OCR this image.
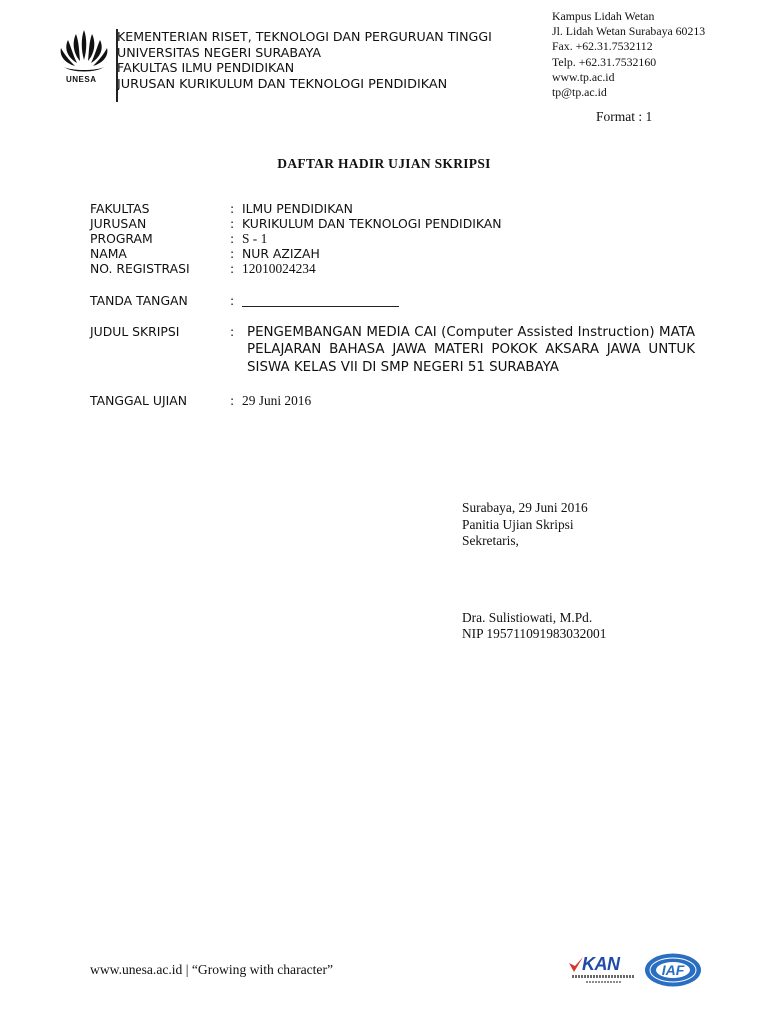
UNESA
KEMENTERIAN RISET, TEKNOLOGI DAN PERGURUAN TINGGI
UNIVERSITAS NEGERI SURABAYA
FAKULTAS ILMU PENDIDIKAN
JURUSAN KURIKULUM DAN TEKNOLOGI PENDIDIKAN
Kampus Lidah Wetan
Jl. Lidah Wetan Surabaya 60213
Fax. +62.31.7532112
Telp. +62.31.7532160
www.tp.ac.id
tp@tp.ac.id
Format : 1
DAFTAR HADIR UJIAN SKRIPSI
FAKULTAS	: ILMU PENDIDIKAN
JURUSAN	: KURIKULUM DAN TEKNOLOGI PENDIDIKAN
PROGRAM	: S - 1
NAMA	: NUR AZIZAH
NO. REGISTRASI	: 12010024234
TANDA TANGAN	:
JUDUL SKRIPSI	: PENGEMBANGAN MEDIA CAI (Computer Assisted Instruction) MATA PELAJARAN BAHASA JAWA MATERI POKOK AKSARA JAWA UNTUK SISWA KELAS VII DI SMP NEGERI 51 SURABAYA
TANGGAL UJIAN	: 29 Juni 2016
Surabaya, 29 Juni 2016
Panitia Ujian Skripsi
Sekretaris,
Dra. Sulistiowati, M.Pd.
NIP 195711091983032001
www.unesa.ac.id | “Growing with character”	KAN	IAF
